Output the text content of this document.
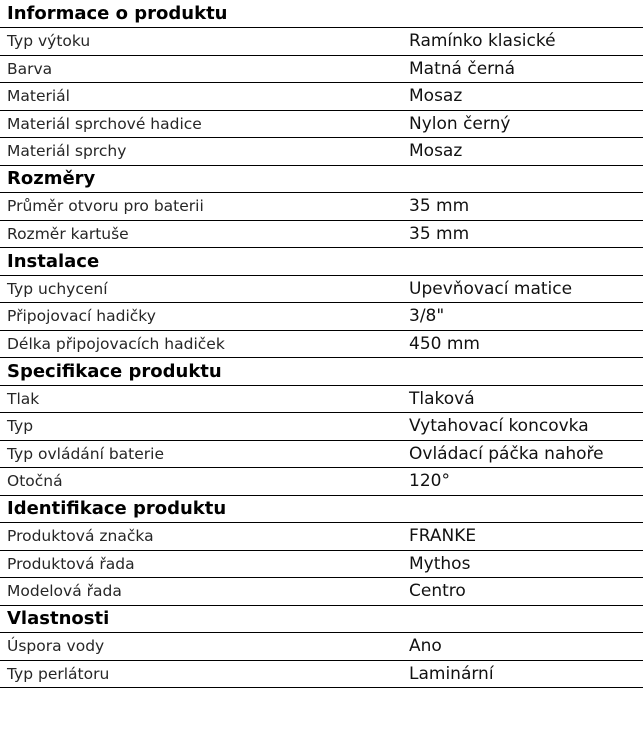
Informace o produktu	
Typ výtoku	Ramínko klasické
Barva	Matná černá
Materiál	Mosaz
Materiál sprchové hadice	Nylon černý
Materiál sprchy	Mosaz
Rozměry	
Průměr otvoru pro baterii	35 mm
Rozměr kartuše	35 mm
Instalace	
Typ uchycení	Upevňovací matice
Připojovací hadičky	3/8"
Délka připojovacích hadiček	450 mm
Specifikace produktu	
Tlak	Tlaková
Typ	Vytahovací koncovka
Typ ovládání baterie	Ovládací páčka nahoře
Otočná	120°
Identifikace produktu	
Produktová značka	FRANKE
Produktová řada	Mythos
Modelová řada	Centro
Vlastnosti	
Úspora vody	Ano
Typ perlátoru	Laminární
